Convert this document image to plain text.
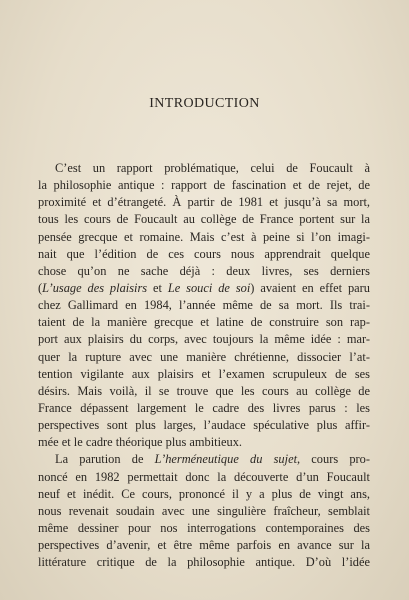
INTRODUCTION
C’est un rapport problématique, celui de Foucault à
la philosophie antique : rapport de fascination et de rejet, de
proximité et d’étrangeté. À partir de 1981 et jusqu’à sa mort,
tous les cours de Foucault au collège de France portent sur la
pensée grecque et romaine. Mais c’est à peine si l’on imagi-
nait que l’édition de ces cours nous apprendrait quelque
chose qu’on ne sache déjà : deux livres, ses derniers
(L’usage des plaisirs et Le souci de soi) avaient en effet paru
chez Gallimard en 1984, l’année même de sa mort. Ils trai-
taient de la manière grecque et latine de construire son rap-
port aux plaisirs du corps, avec toujours la même idée : mar-
quer la rupture avec une manière chrétienne, dissocier l’at-
tention vigilante aux plaisirs et l’examen scrupuleux de ses
désirs. Mais voilà, il se trouve que les cours au collège de
France dépassent largement le cadre des livres parus : les
perspectives sont plus larges, l’audace spéculative plus affir-
mée et le cadre théorique plus ambitieux.
La parution de L’herméneutique du sujet, cours pro-
noncé en 1982 permettait donc la découverte d’un Foucault
neuf et inédit. Ce cours, prononcé il y a plus de vingt ans,
nous revenait soudain avec une singulière fraîcheur, semblait
même dessiner pour nos interrogations contemporaines des
perspectives d’avenir, et être même parfois en avance sur la
littérature critique de la philosophie antique. D’où l’idée
